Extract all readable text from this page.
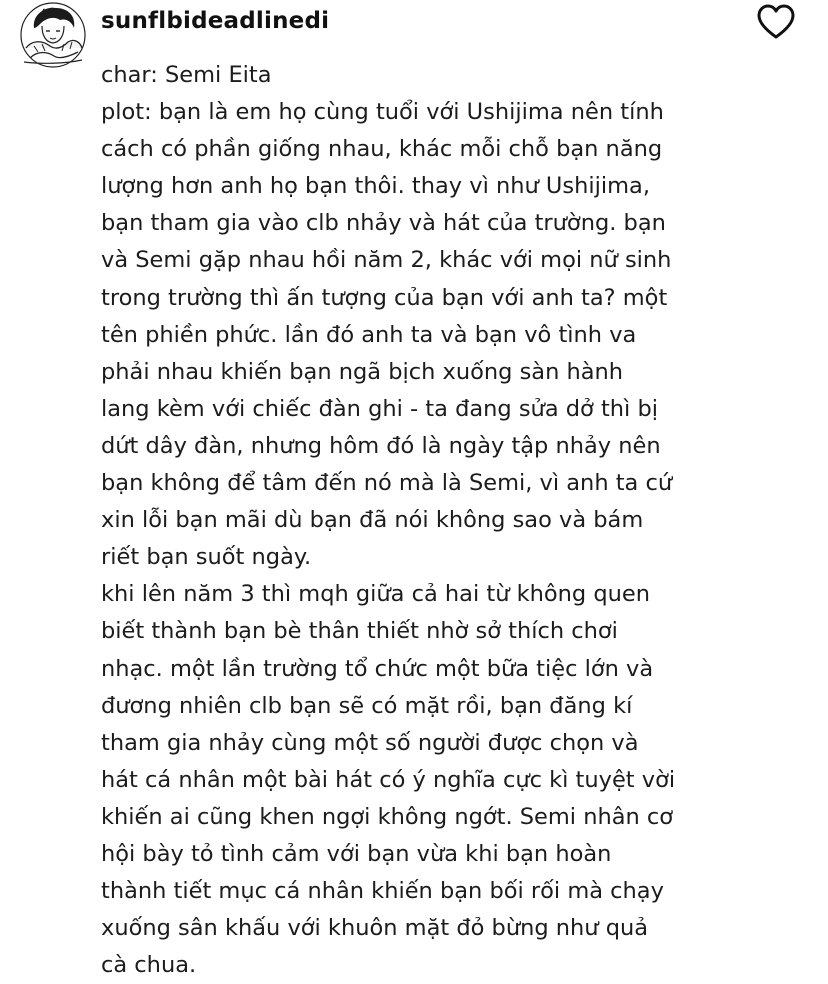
sunflbideadlinedi
char: Semi Eita
plot: bạn là em họ cùng tuổi với Ushijima nên tính
cách có phần giống nhau, khác mỗi chỗ bạn năng
lượng hơn anh họ bạn thôi. thay vì như Ushijima,
bạn tham gia vào clb nhảy và hát của trường. bạn
và Semi gặp nhau hồi năm 2, khác với mọi nữ sinh
trong trường thì ấn tượng của bạn với anh ta? một
tên phiền phức. lần đó anh ta và bạn vô tình va
phải nhau khiến bạn ngã bịch xuống sàn hành
lang kèm với chiếc đàn ghi - ta đang sửa dở thì bị
dứt dây đàn, nhưng hôm đó là ngày tập nhảy nên
bạn không để tâm đến nó mà là Semi, vì anh ta cứ
xin lỗi bạn mãi dù bạn đã nói không sao và bám
riết bạn suốt ngày.
khi lên năm 3 thì mqh giữa cả hai từ không quen
biết thành bạn bè thân thiết nhờ sở thích chơi
nhạc. một lần trường tổ chức một bữa tiệc lớn và
đương nhiên clb bạn sẽ có mặt rồi, bạn đăng kí
tham gia nhảy cùng một số người được chọn và
hát cá nhân một bài hát có ý nghĩa cực kì tuyệt vời
khiến ai cũng khen ngợi không ngớt. Semi nhân cơ
hội bày tỏ tình cảm với bạn vừa khi bạn hoàn
thành tiết mục cá nhân khiến bạn bối rối mà chạy
xuống sân khấu với khuôn mặt đỏ bừng như quả
cà chua.
